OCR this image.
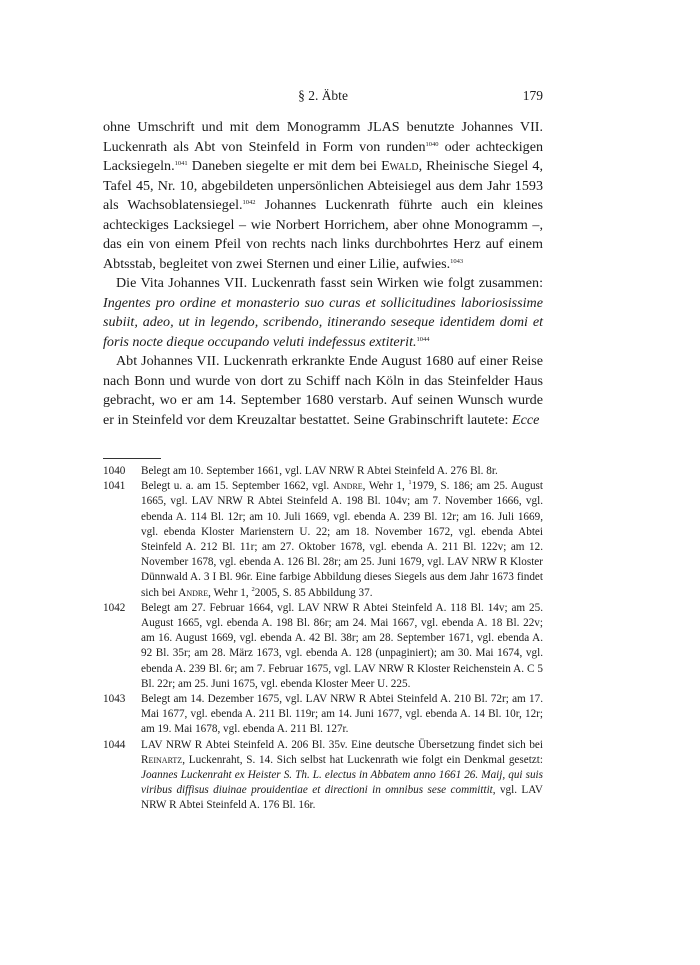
§ 2. Äbte	179

ohne Umschrift und mit dem Monogramm JLAS benutzte Johannes VII. Luckenrath als Abt von Steinfeld in Form von runden$^{1040}$ oder achteckigen Lacksiegeln.$^{1041}$ Daneben siegelte er mit dem bei Ewald, Rheinische Siegel 4, Tafel 45, Nr. 10, abgebildeten unpersönlichen Abteisiegel aus dem Jahr 1593 als Wachsoblatensiegel.$^{1042}$ Johannes Luckenrath führte auch ein kleines achteckiges Lacksiegel – wie Norbert Horrichem, aber ohne Monogramm –, das ein von einem Pfeil von rechts nach links durchbohrtes Herz auf einem Abtsstab, begleitet von zwei Sternen und einer Lilie, aufwies.$^{1043}$

Die Vita Johannes VII. Luckenrath fasst sein Wirken wie folgt zusammen: Ingentes pro ordine et monasterio suo curas et sollicitudines laboriosissime subiit, adeo, ut in legendo, scribendo, itinerando seseque identidem domi et foris nocte dieque occupando veluti indefessus extiterit.$^{1044}$

Abt Johannes VII. Luckenrath erkrankte Ende August 1680 auf einer Reise nach Bonn und wurde von dort zu Schiff nach Köln in das Steinfelder Haus gebracht, wo er am 14. September 1680 verstarb. Auf seinen Wunsch wurde er in Steinfeld vor dem Kreuzaltar bestattet. Seine Grabinschrift lautete: Ecce

1040	Belegt am 10. September 1661, vgl. LAV NRW R Abtei Steinfeld A. 276 Bl. 8r.
1041	Belegt u. a. am 15. September 1662, vgl. Andre, Wehr 1, $^1$1979, S. 186; am 25. August 1665, vgl. LAV NRW R Abtei Steinfeld A. 198 Bl. 104v; am 7. November 1666, vgl. ebenda A. 114 Bl. 12r; am 10. Juli 1669, vgl. ebenda A. 239 Bl. 12r; am 16. Juli 1669, vgl. ebenda Kloster Marienstern U. 22; am 18. November 1672, vgl. ebenda Abtei Steinfeld A. 212 Bl. 11r; am 27. Oktober 1678, vgl. ebenda A. 211 Bl. 122v; am 12. November 1678, vgl. ebenda A. 126 Bl. 28r; am 25. Juni 1679, vgl. LAV NRW R Kloster Dünnwald A. 3 I Bl. 96r. Eine farbige Abbildung dieses Siegels aus dem Jahr 1673 findet sich bei Andre, Wehr 1, $^2$2005, S. 85 Abbildung 37.
1042	Belegt am 27. Februar 1664, vgl. LAV NRW R Abtei Steinfeld A. 118 Bl. 14v; am 25. August 1665, vgl. ebenda A. 198 Bl. 86r; am 24. Mai 1667, vgl. ebenda A. 18 Bl. 22v; am 16. August 1669, vgl. ebenda A. 42 Bl. 38r; am 28. September 1671, vgl. ebenda A. 92 Bl. 35r; am 28. März 1673, vgl. ebenda A. 128 (unpaginiert); am 30. Mai 1674, vgl. ebenda A. 239 Bl. 6r; am 7. Februar 1675, vgl. LAV NRW R Kloster Reichenstein A. C 5 Bl. 22r; am 25. Juni 1675, vgl. ebenda Kloster Meer U. 225.
1043	Belegt am 14. Dezember 1675, vgl. LAV NRW R Abtei Steinfeld A. 210 Bl. 72r; am 17. Mai 1677, vgl. ebenda A. 211 Bl. 119r; am 14. Juni 1677, vgl. ebenda A. 14 Bl. 10r, 12r; am 19. Mai 1678, vgl. ebenda A. 211 Bl. 127r.
1044	LAV NRW R Abtei Steinfeld A. 206 Bl. 35v. Eine deutsche Übersetzung findet sich bei Reinartz, Luckenraht, S. 14. Sich selbst hat Luckenrath wie folgt ein Denkmal gesetzt: Joannes Luckenraht ex Heister S. Th. L. electus in Abbatem anno 1661 26. Maij, qui suis viribus diffisus diuinae prouidentiae et directioni in omnibus sese committit, vgl. LAV NRW R Abtei Steinfeld A. 176 Bl. 16r.
